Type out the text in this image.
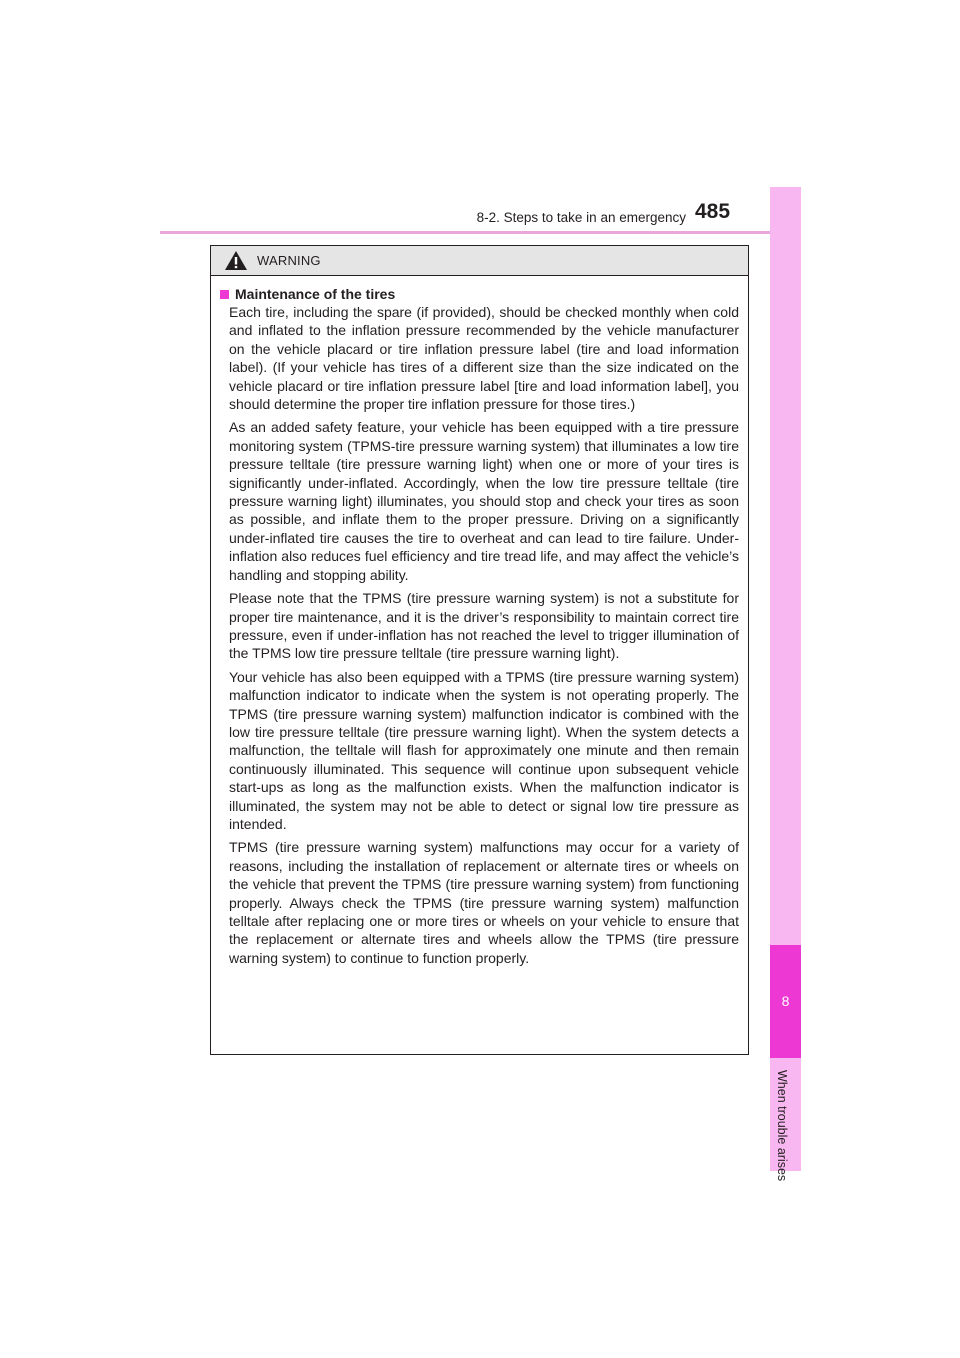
8-2. Steps to take in an emergency 485
8
When trouble arises
WARNING
Maintenance of the tires

Each tire, including the spare (if provided), should be checked monthly when cold and inflated to the inflation pressure recommended by the vehicle manufacturer on the vehicle placard or tire inflation pressure label (tire and load information label). (If your vehicle has tires of a different size than the size indicated on the vehicle placard or tire inflation pressure label [tire and load information label], you should determine the proper tire inflation pressure for those tires.)

As an added safety feature, your vehicle has been equipped with a tire pressure monitoring system (TPMS-tire pressure warning system) that illuminates a low tire pressure telltale (tire pressure warning light) when one or more of your tires is significantly under-inflated. Accordingly, when the low tire pressure telltale (tire pressure warning light) illuminates, you should stop and check your tires as soon as possible, and inflate them to the proper pressure. Driving on a significantly under-inflated tire causes the tire to overheat and can lead to tire failure. Under-inflation also reduces fuel efficiency and tire tread life, and may affect the vehicle’s handling and stopping ability.

Please note that the TPMS (tire pressure warning system) is not a substitute for proper tire maintenance, and it is the driver’s responsibility to maintain correct tire pressure, even if under-inflation has not reached the level to trigger illumination of the TPMS low tire pressure telltale (tire pressure warning light).

Your vehicle has also been equipped with a TPMS (tire pressure warning system) malfunction indicator to indicate when the system is not operating properly. The TPMS (tire pressure warning system) malfunction indicator is combined with the low tire pressure telltale (tire pressure warning light). When the system detects a malfunction, the telltale will flash for approximately one minute and then remain continuously illuminated. This sequence will continue upon subsequent vehicle start-ups as long as the malfunction exists. When the malfunction indicator is illuminated, the system may not be able to detect or signal low tire pressure as intended.

TPMS (tire pressure warning system) malfunctions may occur for a variety of reasons, including the installation of replacement or alternate tires or wheels on the vehicle that prevent the TPMS (tire pressure warning system) from functioning properly. Always check the TPMS (tire pressure warning system) malfunction telltale after replacing one or more tires or wheels on your vehicle to ensure that the replacement or alternate tires and wheels allow the TPMS (tire pressure warning system) to continue to function properly.
